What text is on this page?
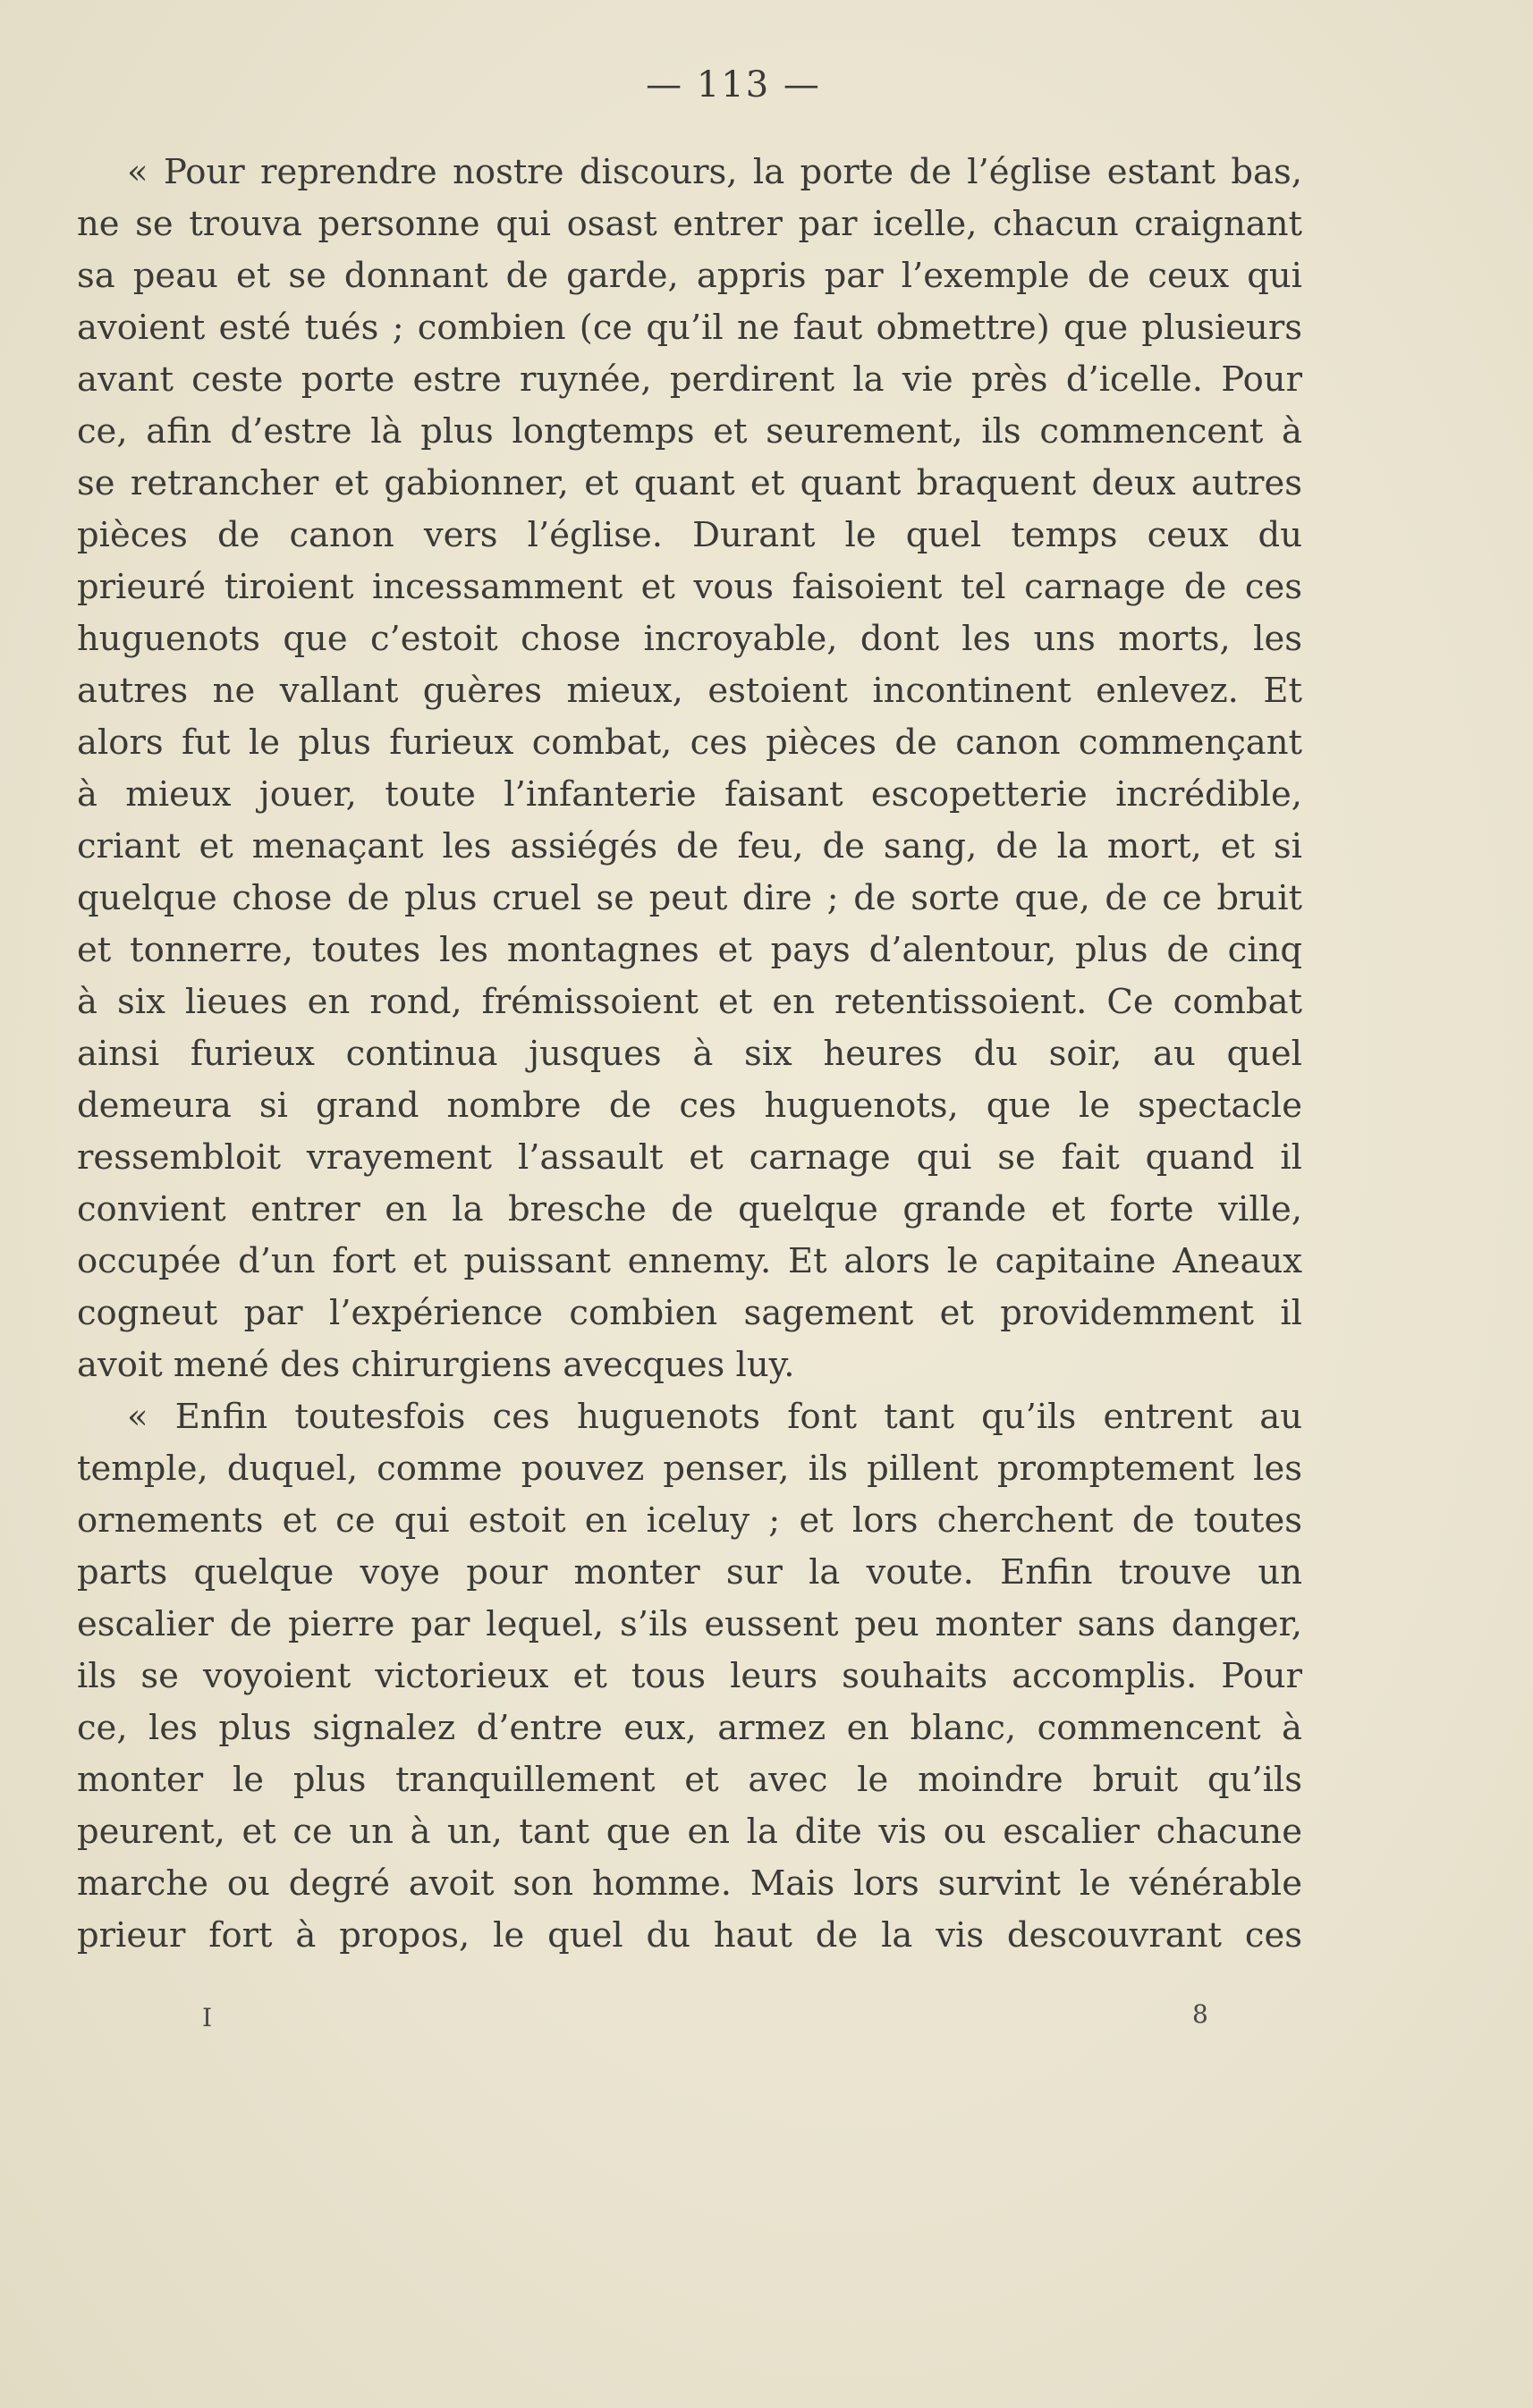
— 113 —
« Pour reprendre nostre discours, la porte de l’église estant bas,
ne se trouva personne qui osast entrer par icelle, chacun craignant
sa peau et se donnant de garde, appris par l’exemple de ceux qui
avoient esté tués ; combien (ce qu’il ne faut obmettre) que plusieurs
avant ceste porte estre ruynée, perdirent la vie près d’icelle. Pour
ce, afin d’estre là plus longtemps et seurement, ils commencent à
se retrancher et gabionner, et quant et quant braquent deux autres
pièces de canon vers l’église. Durant le quel temps ceux du
prieuré tiroient incessamment et vous faisoient tel carnage de ces
huguenots que c’estoit chose incroyable, dont les uns morts, les
autres ne vallant guères mieux, estoient incontinent enlevez. Et
alors fut le plus furieux combat, ces pièces de canon commençant
à mieux jouer, toute l’infanterie faisant escopetterie incrédible,
criant et menaçant les assiégés de feu, de sang, de la mort, et si
quelque chose de plus cruel se peut dire ; de sorte que, de ce bruit
et tonnerre, toutes les montagnes et pays d’alentour, plus de cinq
à six lieues en rond, frémissoient et en retentissoient. Ce combat
ainsi furieux continua jusques à six heures du soir, au quel
demeura si grand nombre de ces huguenots, que le spectacle
ressembloit vrayement l’assault et carnage qui se fait quand il
convient entrer en la bresche de quelque grande et forte ville,
occupée d’un fort et puissant ennemy. Et alors le capitaine Aneaux
cogneut par l’expérience combien sagement et providemment il
avoit mené des chirurgiens avecques luy.
« Enfin toutesfois ces huguenots font tant qu’ils entrent au
temple, duquel, comme pouvez penser, ils pillent promptement les
ornements et ce qui estoit en iceluy ; et lors cherchent de toutes
parts quelque voye pour monter sur la voute. Enfin trouve un
escalier de pierre par lequel, s’ils eussent peu monter sans danger,
ils se voyoient victorieux et tous leurs souhaits accomplis. Pour
ce, les plus signalez d’entre eux, armez en blanc, commencent à
monter le plus tranquillement et avec le moindre bruit qu’ils
peurent, et ce un à un, tant que en la dite vis ou escalier chacune
marche ou degré avoit son homme. Mais lors survint le vénérable
prieur fort à propos, le quel du haut de la vis descouvrant ces
I	8
